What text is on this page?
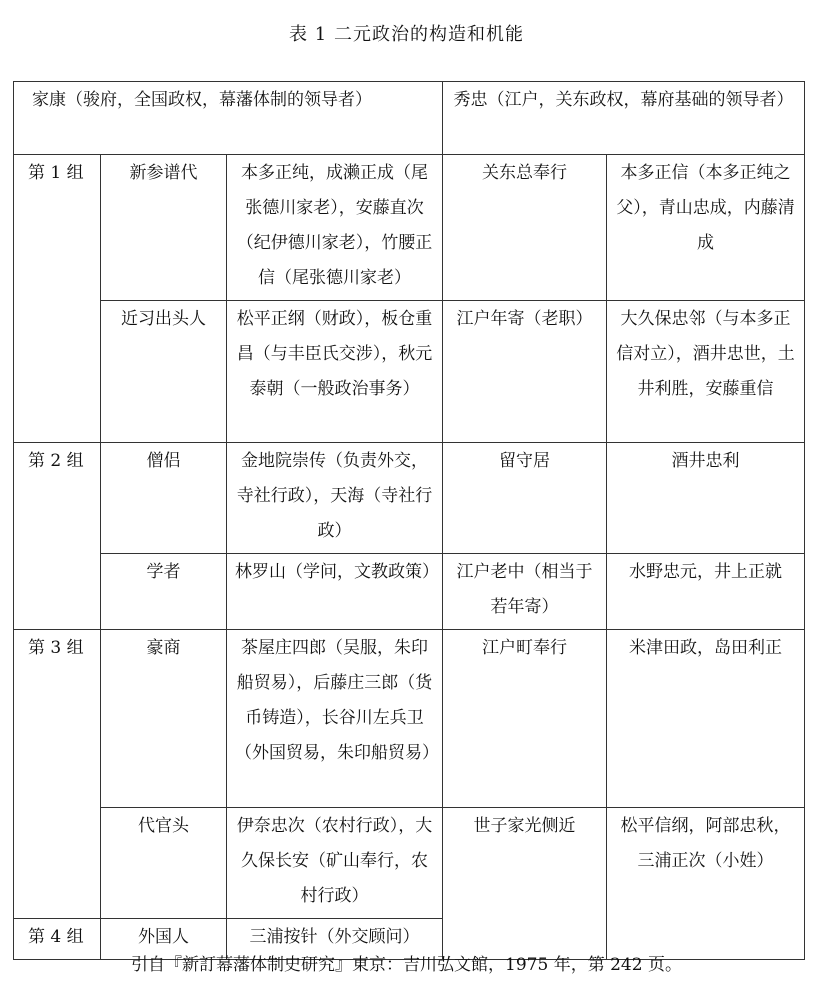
表 1 二元政治的构造和机能
家康（骏府，全国政权，幕藩体制的领导者）			秀忠（江户，关东政权，幕府基础的领导者）	
第 1 组	新参谱代	本多正纯，成濑正成（尾张德川家老），安藤直次（纪伊德川家老），竹腰正信（尾张德川家老）	关东总奉行	本多正信（本多正纯之父），青山忠成，内藤清成
	近习出头人	松平正纲（财政），板仓重昌（与丰臣氏交涉），秋元泰朝（一般政治事务）	江户年寄（老职）	大久保忠邻（与本多正信对立），酒井忠世，土井利胜，安藤重信
第 2 组	僧侣	金地院崇传（负责外交，寺社行政），天海（寺社行政）	留守居	酒井忠利
	学者	林罗山（学问，文教政策）	江户老中（相当于若年寄）	水野忠元，井上正就
第 3 组	豪商	茶屋庄四郎（吴服，朱印船贸易），后藤庄三郎（货币铸造），长谷川左兵卫（外国贸易，朱印船贸易）	江户町奉行	米津田政，岛田利正
	代官头	伊奈忠次（农村行政），大久保长安（矿山奉行，农村行政）	世子家光侧近	松平信纲，阿部忠秋，三浦正次（小姓）
第 4 组	外国人	三浦按针（外交顾问）		
引自『新訂幕藩体制史研究』東京：吉川弘文館，1975 年，第 242 页。
